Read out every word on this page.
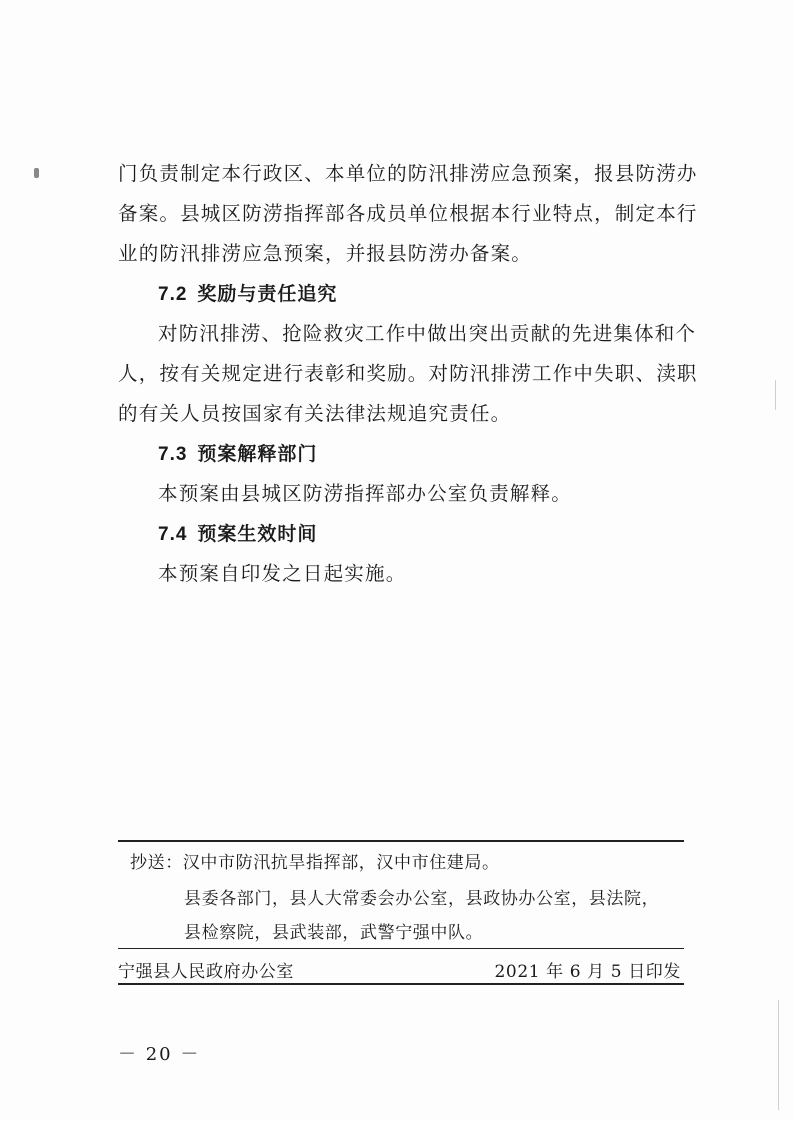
门负责制定本行政区、本单位的防汛排涝应急预案，报县防涝办
备案。县城区防涝指挥部各成员单位根据本行业特点，制定本行
业的防汛排涝应急预案，并报县防涝办备案。
7.2 奖励与责任追究
对防汛排涝、抢险救灾工作中做出突出贡献的先进集体和个
人，按有关规定进行表彰和奖励。对防汛排涝工作中失职、渎职
的有关人员按国家有关法律法规追究责任。
7.3 预案解释部门
本预案由县城区防涝指挥部办公室负责解释。
7.4 预案生效时间
本预案自印发之日起实施。
抄送：汉中市防汛抗旱指挥部，汉中市住建局。
县委各部门，县人大常委会办公室，县政协办公室，县法院，
县检察院，县武装部，武警宁强中队。
宁强县人民政府办公室	2021 年 6 月 5 日印发
－ 20 －
